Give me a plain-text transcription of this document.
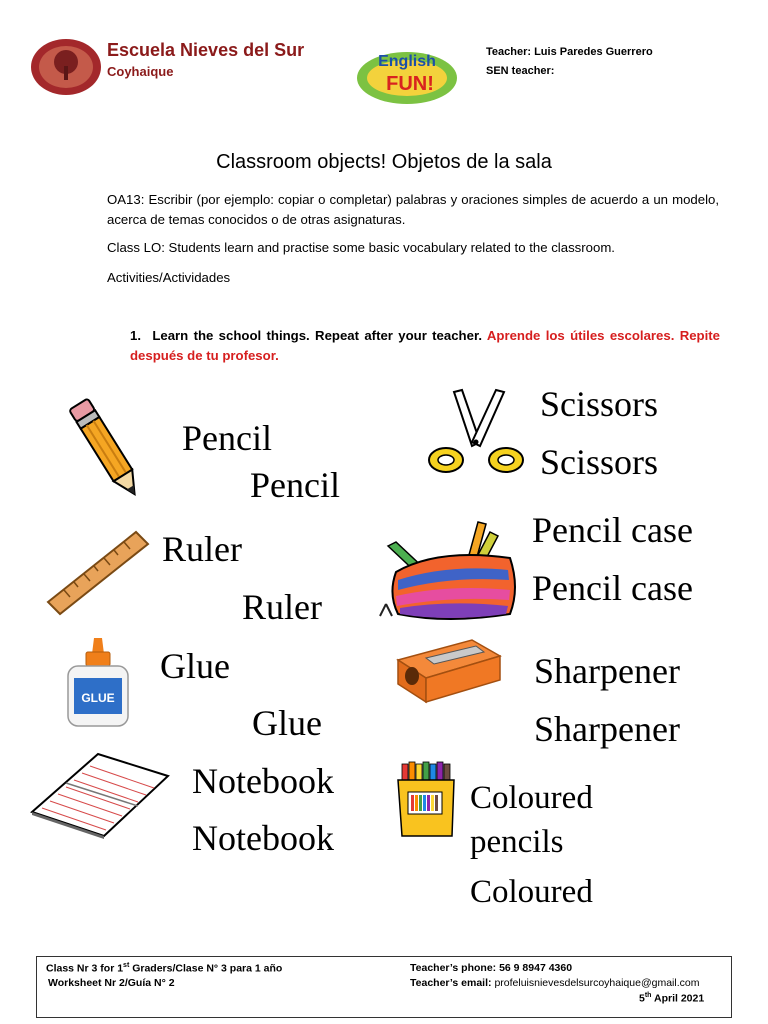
Escuela Nieves del Sur
Coyhaique
English
FUN!
Teacher: Luis Paredes Guerrero
SEN teacher:
Classroom objects! Objetos de la sala
OA13: Escribir (por ejemplo: copiar o completar) palabras y oraciones simples de acuerdo a un modelo, acerca de temas conocidos o de otras asignaturas.
Class LO: Students learn and practise some basic vocabulary related to the classroom.
Activities/Actividades
1. Learn the school things. Repeat after your teacher. Aprende los útiles escolares. Repite después de tu profesor.
Pencil
Pencil
Ruler
Ruler
GLUE
Glue
Glue
Notebook
Notebook
Scissors
Scissors
Pencil case
Pencil case
Sharpener
Sharpener
Coloured
pencils
Coloured
Class Nr 3 for 1st Graders/Clase N° 3 para 1 año
Worksheet Nr 2/Guía N° 2
Teacher’s phone: 56 9 8947 4360
Teacher’s email: profeluisnievesdelsurcoyhaique@gmail.com
5th April 2021
